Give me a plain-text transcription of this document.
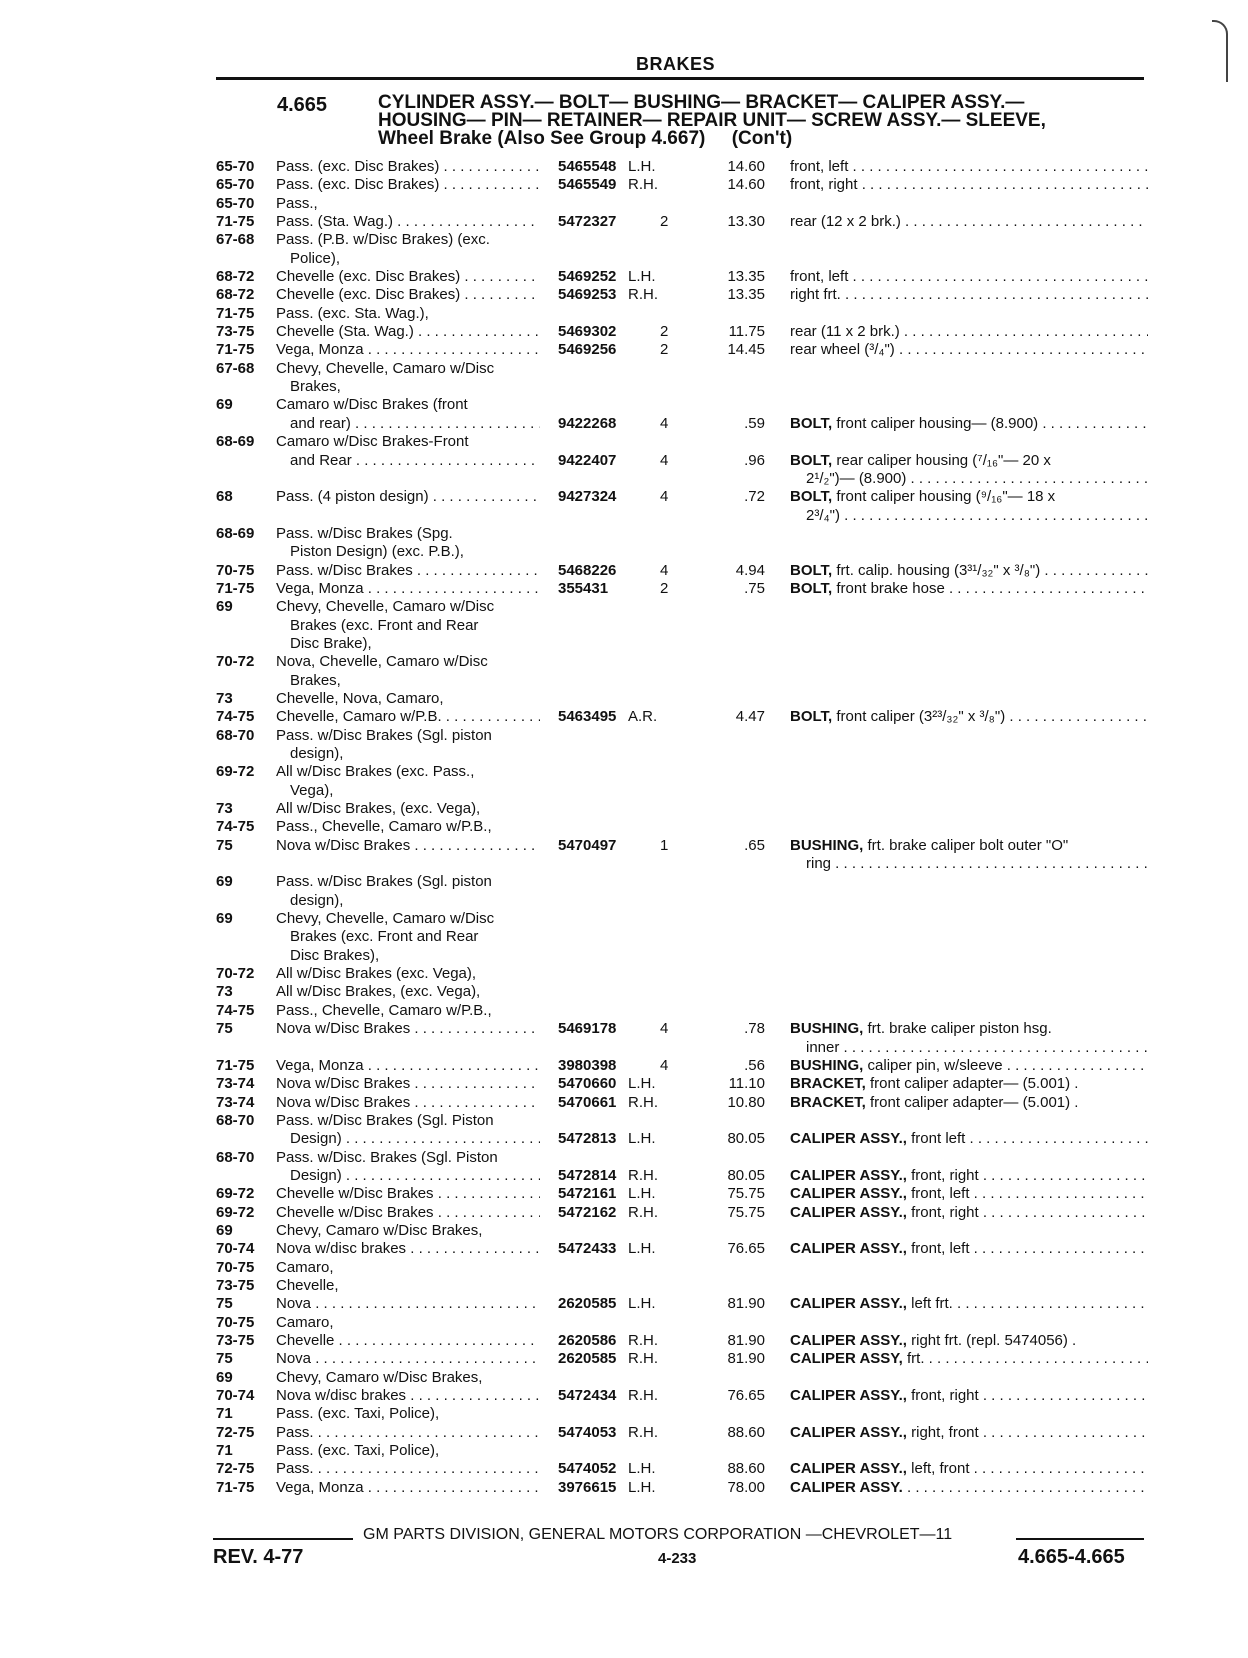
BRAKES
4.665	CYLINDER ASSY.— BOLT— BUSHING— BRACKET— CALIPER ASSY.—
HOUSING— PIN— RETAINER— REPAIR UNIT— SCREW ASSY.— SLEEVE,
Wheel Brake (Also See Group 4.667)     (Con't)
65-70 Pass. (exc. Disc Brakes) . . .	5465548 L.H.	14.60 front, left . . .
65-70 Pass. (exc. Disc Brakes) . . .	5465549 R.H.	14.60 front, right . . .
65-70 Pass.,
71-75 Pass. (Sta. Wag.) . . .	5472327	2	13.30 rear (12 x 2 brk.) . . .
67-68 Pass. (P.B. w/Disc Brakes) (exc.
Police),
68-72 Chevelle (exc. Disc Brakes) . . .	5469252 L.H.	13.35 front, left . . .
68-72 Chevelle (exc. Disc Brakes) . . .	5469253 R.H.	13.35 right frt. . . .
71-75 Pass. (exc. Sta. Wag.),
73-75 Chevelle (Sta. Wag.) . . .	5469302	2	11.75 rear (11 x 2 brk.) . . .
71-75 Vega, Monza . . .	5469256	2	14.45 rear wheel (³/₄") . . .
67-68 Chevy, Chevelle, Camaro w/Disc
Brakes,
69	Camaro w/Disc Brakes (front
and rear) . . .	9422268	4	.59 BOLT, front caliper housing— (8.900) . . .
68-69 Camaro w/Disc Brakes-Front
and Rear . . .	9422407	4	.96 BOLT, rear caliper housing (⁷/₁₆"— 20 x
2¹/₂")— (8.900) . . .
68	Pass. (4 piston design) . . .	9427324	4	.72 BOLT, front caliper housing (⁹/₁₆"— 18 x
2³/₄") . . .
68-69 Pass. w/Disc Brakes (Spg.
Piston Design) (exc. P.B.),
70-75 Pass. w/Disc Brakes . . .	5468226	4	4.94 BOLT, frt. calip. housing (3³¹/₃₂" x ³/₈") . . .
71-75 Vega, Monza . . .	355431	2	.75 BOLT, front brake hose . . .
69	Chevy, Chevelle, Camaro w/Disc
Brakes (exc. Front and Rear
Disc Brake),
70-72 Nova, Chevelle, Camaro w/Disc
Brakes,
73	Chevelle, Nova, Camaro,
74-75 Chevelle, Camaro w/P.B. . . .	5463495 A.R.	4.47 BOLT, front caliper (3²³/₃₂" x ³/₈") . . .
68-70 Pass. w/Disc Brakes (Sgl. piston
design),
69-72 All w/Disc Brakes (exc. Pass.,
Vega),
73	All w/Disc Brakes, (exc. Vega),
74-75 Pass., Chevelle, Camaro w/P.B.,
75	Nova w/Disc Brakes . . .	5470497	1	.65 BUSHING, frt. brake caliper bolt outer "O"
ring . . .
69	Pass. w/Disc Brakes (Sgl. piston
design),
69	Chevy, Chevelle, Camaro w/Disc
Brakes (exc. Front and Rear
Disc Brakes),
70-72 All w/Disc Brakes (exc. Vega),
73	All w/Disc Brakes, (exc. Vega),
74-75 Pass., Chevelle, Camaro w/P.B.,
75	Nova w/Disc Brakes . . .	5469178	4	.78 BUSHING, frt. brake caliper piston hsg.
inner . . .
71-75 Vega, Monza . . .	3980398	4	.56 BUSHING, caliper pin, w/sleeve . . .
73-74 Nova w/Disc Brakes . . .	5470660 L.H.	11.10 BRACKET, front caliper adapter— (5.001) .
73-74 Nova w/Disc Brakes . . .	5470661 R.H.	10.80 BRACKET, front caliper adapter— (5.001) .
68-70 Pass. w/Disc Brakes (Sgl. Piston
Design) . . .	5472813 L.H.	80.05 CALIPER ASSY., front left . . .
68-70 Pass. w/Disc. Brakes (Sgl. Piston
Design) . . .	5472814 R.H.	80.05 CALIPER ASSY., front, right . . .
69-72 Chevelle w/Disc Brakes . . .	5472161 L.H.	75.75 CALIPER ASSY., front, left . . .
69-72 Chevelle w/Disc Brakes . . .	5472162 R.H.	75.75 CALIPER ASSY., front, right . . .
69	Chevy, Camaro w/Disc Brakes,
70-74 Nova w/disc brakes . . .	5472433 L.H.	76.65 CALIPER ASSY., front, left . . .
70-75 Camaro,
73-75 Chevelle,
75	Nova . . .	2620585 L.H.	81.90 CALIPER ASSY., left frt. . . .
70-75 Camaro,
73-75 Chevelle . . .	2620586 R.H.	81.90 CALIPER ASSY., right frt. (repl. 5474056) .
75	Nova . . .	2620585 R.H.	81.90 CALIPER ASSY, frt. . . .
69	Chevy, Camaro w/Disc Brakes,
70-74 Nova w/disc brakes . . .	5472434 R.H.	76.65 CALIPER ASSY., front, right . . .
71	Pass. (exc. Taxi, Police),
72-75 Pass. . . .	5474053 R.H.	88.60 CALIPER ASSY., right, front . . .
71	Pass. (exc. Taxi, Police),
72-75 Pass. . . .	5474052 L.H.	88.60 CALIPER ASSY., left, front . . .
71-75 Vega, Monza . . .	3976615 L.H.	78.00 CALIPER ASSY. . . .
GM PARTS DIVISION, GENERAL MOTORS CORPORATION —CHEVROLET—11
REV. 4-77	4-233	4.665-4.665
